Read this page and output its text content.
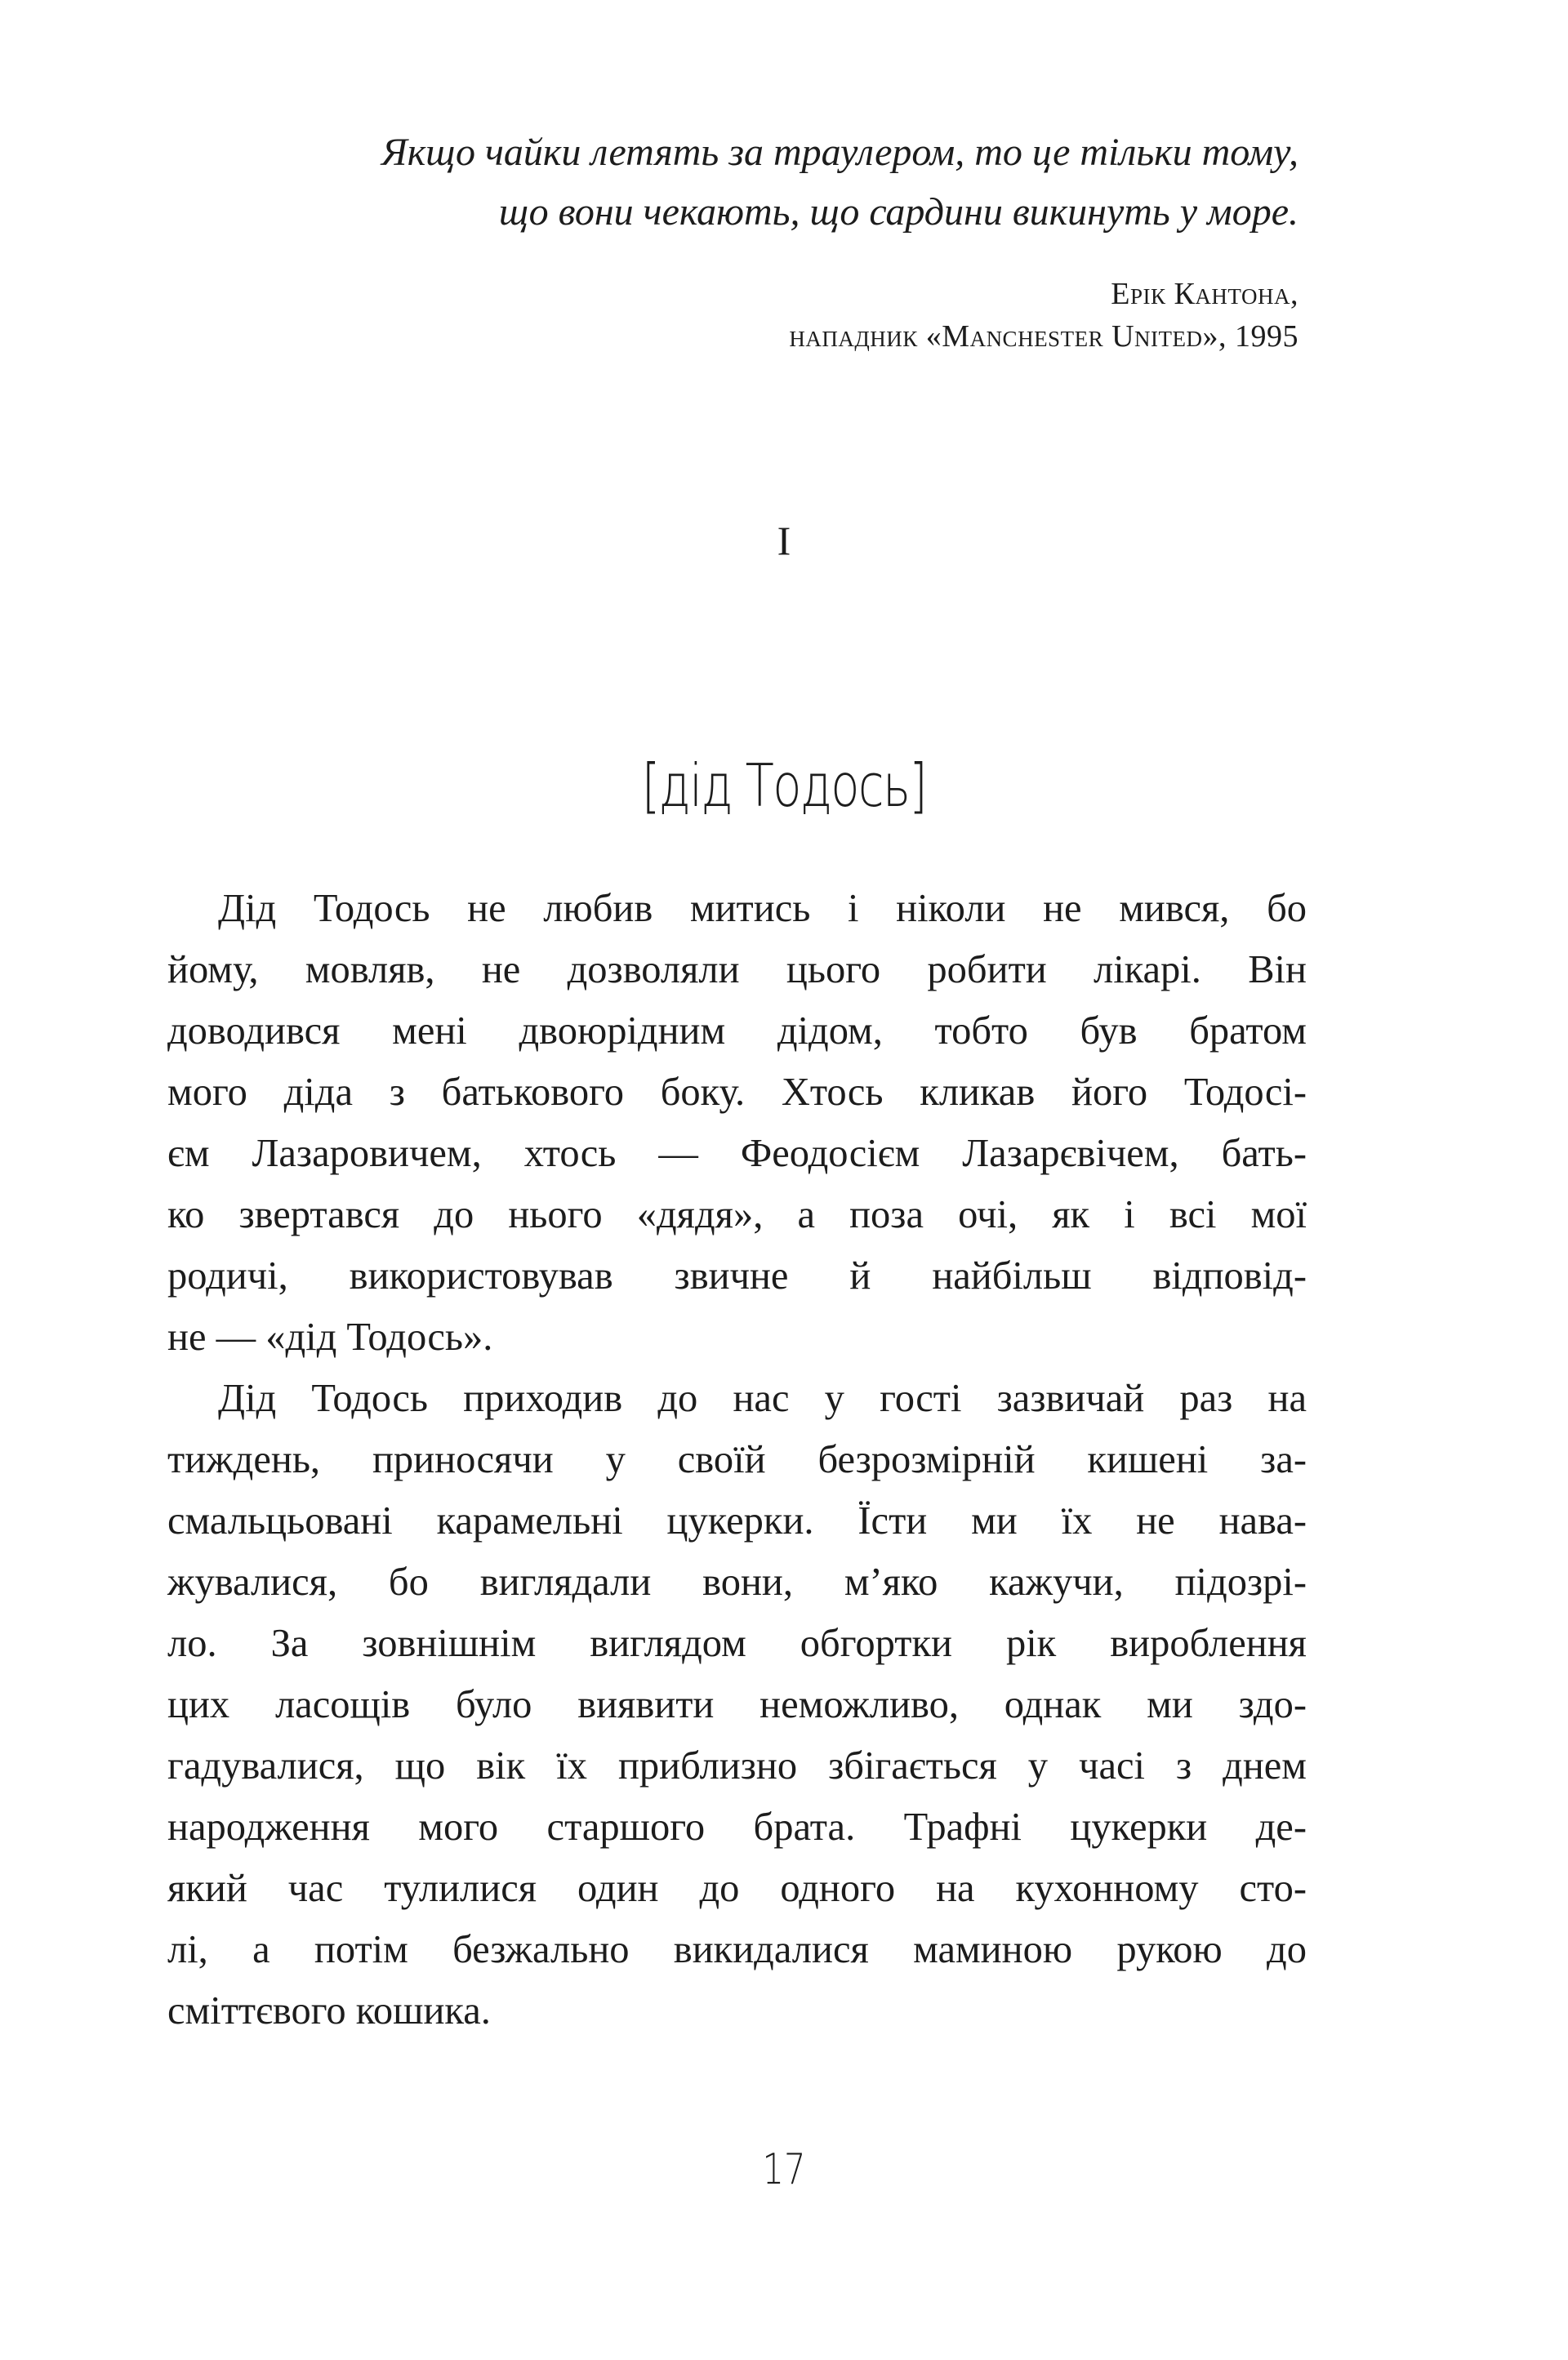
Якщо чайки летять за траулером, то це тільки тому,
що вони чекають, що сардини викинуть у море.
Ерік Кантона,
нападник «Manchester United», 1995
I
[дід Тодось]
Дід Тодось не любив митись і ніколи не мився, бо
йому, мовляв, не дозволяли цього робити лікарі. Він
доводився мені двоюрідним дідом, тобто був братом
мого діда з батькового боку. Хтось кликав його Тодосі-
єм Лазаровичем, хтось — Феодосієм Лазарєвічем, бать-
ко звертався до нього «дядя», а поза очі, як і всі мої
родичі, використовував звичне й найбільш відповід-
не — «дід Тодось».
Дід Тодось приходив до нас у гості зазвичай раз на
тиждень, приносячи у своїй безрозмірній кишені за-
смальцьовані карамельні цукерки. Їсти ми їх не нава-
жувалися, бо виглядали вони, м’яко кажучи, підозрі-
ло. За зовнішнім виглядом обгортки рік вироблення
цих ласощів було виявити неможливо, однак ми здо-
гадувалися, що вік їх приблизно збігається у часі з днем
народження мого старшого брата. Трафні цукерки де-
який час тулилися один до одного на кухонному сто-
лі, а потім безжально викидалися маминою рукою до
сміттєвого кошика.
17
